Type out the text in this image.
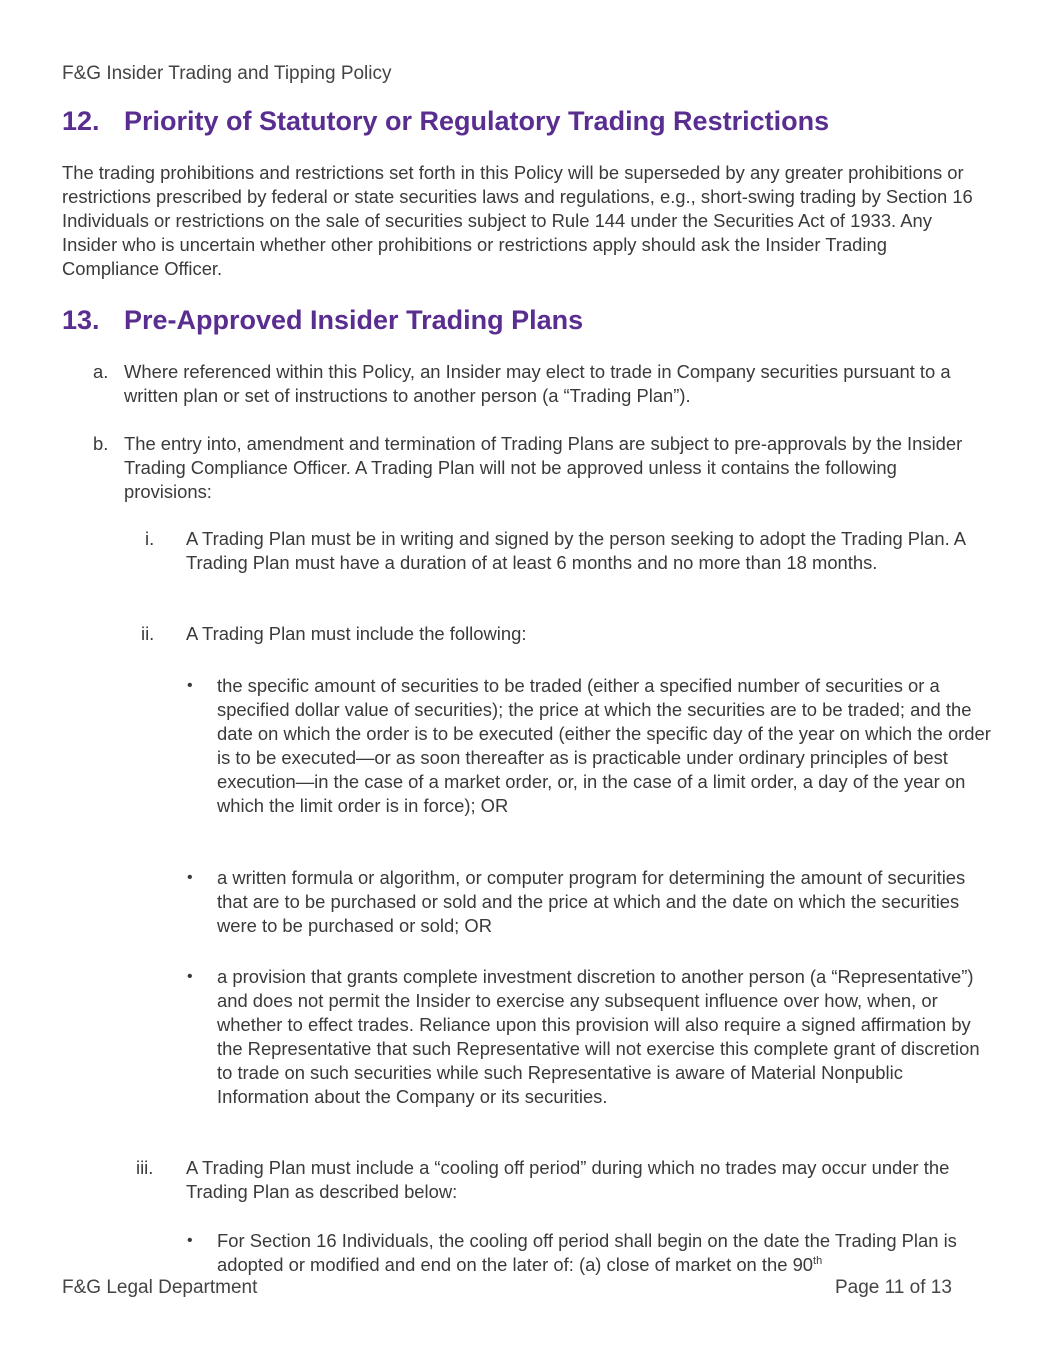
F&G Insider Trading and Tipping Policy
12. Priority of Statutory or Regulatory Trading Restrictions

The trading prohibitions and restrictions set forth in this Policy will be superseded by any greater prohibitions or restrictions prescribed by federal or state securities laws and regulations, e.g., short-swing trading by Section 16 Individuals or restrictions on the sale of securities subject to Rule 144 under the Securities Act of 1933. Any Insider who is uncertain whether other prohibitions or restrictions apply should ask the Insider Trading Compliance Officer.

13. Pre-Approved Insider Trading Plans
a. Where referenced within this Policy, an Insider may elect to trade in Company securities pursuant to a written plan or set of instructions to another person (a “Trading Plan”).
b. The entry into, amendment and termination of Trading Plans are subject to pre-approvals by the Insider Trading Compliance Officer. A Trading Plan will not be approved unless it contains the following provisions:
i. A Trading Plan must be in writing and signed by the person seeking to adopt the Trading Plan. A Trading Plan must have a duration of at least 6 months and no more than 18 months.
ii. A Trading Plan must include the following:
• the specific amount of securities to be traded (either a specified number of securities or a specified dollar value of securities); the price at which the securities are to be traded; and the date on which the order is to be executed (either the specific day of the year on which the order is to be executed—or as soon thereafter as is practicable under ordinary principles of best execution—in the case of a market order, or, in the case of a limit order, a day of the year on which the limit order is in force); OR
• a written formula or algorithm, or computer program for determining the amount of securities that are to be purchased or sold and the price at which and the date on which the securities were to be purchased or sold; OR
• a provision that grants complete investment discretion to another person (a “Representative”) and does not permit the Insider to exercise any subsequent influence over how, when, or whether to effect trades. Reliance upon this provision will also require a signed affirmation by the Representative that such Representative will not exercise this complete grant of discretion to trade on such securities while such Representative is aware of Material Nonpublic Information about the Company or its securities.
iii. A Trading Plan must include a “cooling off period” during which no trades may occur under the Trading Plan as described below:
• For Section 16 Individuals, the cooling off period shall begin on the date the Trading Plan is adopted or modified and end on the later of: (a) close of market on the 90th
F&G Legal Department	Page 11 of 13
